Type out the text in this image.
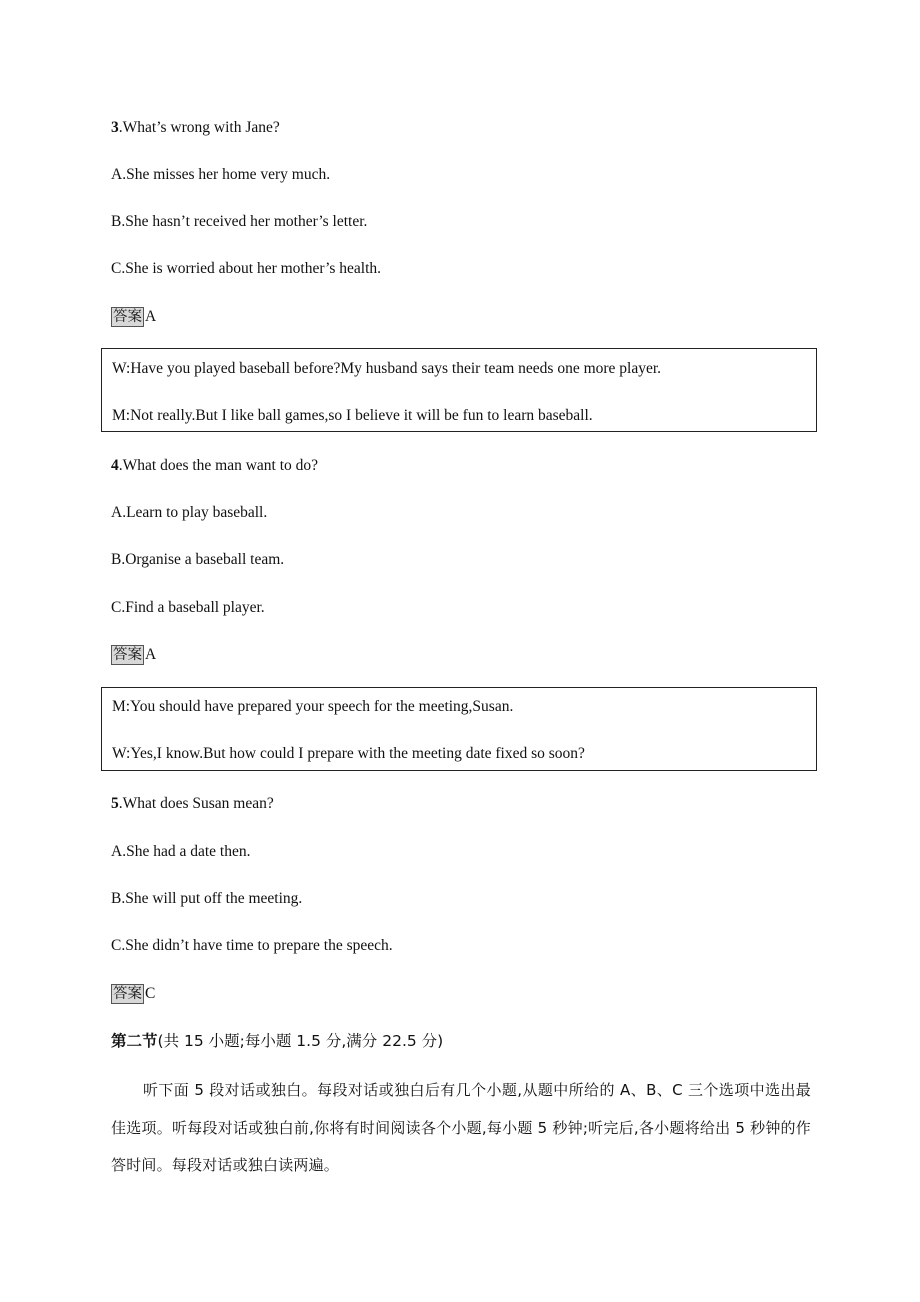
3.What’s wrong with Jane?
A.She misses her home very much.
B.She hasn’t received her mother’s letter.
C.She is worried about her mother’s health.
答案 A
W:Have you played baseball before?My husband says their team needs one more player.
M:Not really.But I like ball games,so I believe it will be fun to learn baseball.
4.What does the man want to do?
A.Learn to play baseball.
B.Organise a baseball team.
C.Find a baseball player.
答案 A
M:You should have prepared your speech for the meeting,Susan.
W:Yes,I know.But how could I prepare with the meeting date fixed so soon?
5.What does Susan mean?
A.She had a date then.
B.She will put off the meeting.
C.She didn’t have time to prepare the speech.
答案 C
第二节(共 15 小题;每小题 1.5 分,满分 22.5 分)
听下面 5 段对话或独白。每段对话或独白后有几个小题,从题中所给的 A、B、C 三个选项中选出最佳选项。听每段对话或独白前,你将有时间阅读各个小题,每小题 5 秒钟;听完后,各小题将给出 5 秒钟的作答时间。每段对话或独白读两遍。
